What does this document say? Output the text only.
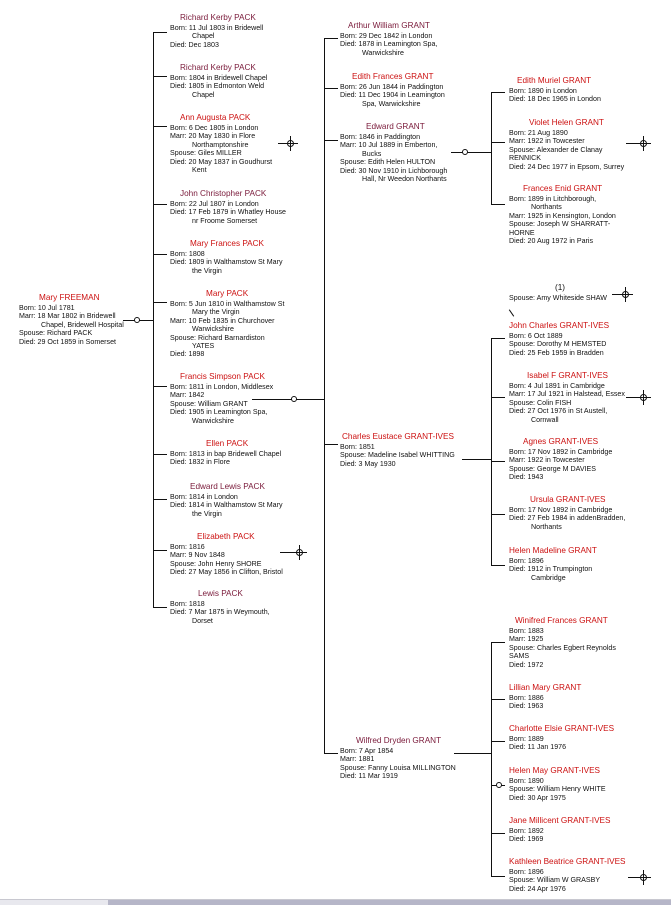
Mary FREEMAN
Born: 10 Jul 1781
Marr: 18 Mar 1802 in Bridewell
Chapel, Bridewell Hospital
Spouse: Richard PACK
Died: 29 Oct 1859 in Somerset
Richard Kerby PACK
Born: 11 Jul 1803 in Bridewell
Chapel
Died: Dec 1803
Richard Kerby PACK
Born: 1804 in Bridewell Chapel
Died: 1805 in Edmonton Weld
Chapel
Ann Augusta PACK
Born: 6 Dec 1805 in London
Marr: 20 May 1830 in Flore
Northamptonshire
Spouse: Giles MILLER
Died: 20 May 1837 in Goudhurst
Kent
John Christopher PACK
Born: 22 Jul 1807 in London
Died: 17 Feb 1879 in Whatley House
nr Froome Somerset
Mary Frances PACK
Born: 1808
Died: 1809 in Walthamstow St Mary
the Virgin
Mary PACK
Born: 5 Jun 1810 in Walthamstow St
Mary the Virgin
Marr: 10 Feb 1835 in Churchover
Warwickshire
Spouse: Richard Barnardiston
YATES
Died: 1898
Francis Simpson PACK
Born: 1811 in London, Middlesex
Marr: 1842
Spouse: William GRANT
Died: 1905 in Leamington Spa,
Warwickshire
Ellen PACK
Born: 1813 in bap Bridewell Chapel
Died: 1832 in Flore
Edward Lewis PACK
Born: 1814 in London
Died: 1814 in Walthamstow St Mary
the Virgin
Elizabeth PACK
Born: 1816
Marr: 9 Nov 1848
Spouse: John Henry SHORE
Died: 27 May 1856 in Clifton, Bristol
Lewis PACK
Born: 1818
Died: 7 Mar 1875 in Weymouth,
Dorset
Arthur William GRANT
Born: 29 Dec 1842 in London
Died: 1878 in Leamington Spa,
Warwickshire
Edith Frances GRANT
Born: 26 Jun 1844 in Paddington
Died: 11 Dec 1904 in Leamington
Spa, Warwickshire
Edward GRANT
Born: 1846 in Paddington
Marr: 10 Jul 1889 in Emberton,
Bucks
Spouse: Edith Helen HULTON
Died: 30 Nov 1910 in Lichborough
Hall, Nr Weedon Northants
Charles Eustace GRANT-IVES
Born: 1851
Spouse: Madeline Isabel WHITTING
Died: 3 May 1930
Wilfred Dryden GRANT
Born: 7 Apr 1854
Marr: 1881
Spouse: Fanny Louisa MILLINGTON
Died: 11 Mar 1919
Edith Muriel GRANT
Born: 1890 in London
Died: 18 Dec 1965 in London
Violet Helen GRANT
Born: 21 Aug 1890
Marr: 1922 in Towcester
Spouse: Alexander de Clanay
RENNICK
Died: 24 Dec 1977 in Epsom, Surrey
Frances Enid GRANT
Born: 1899 in Litchborough,
Northants
Marr: 1925 in Kensington, London
Spouse: Joseph W SHARRATT-
HORNE
Died: 20 Aug 1972 in Paris
(1)
Spouse: Amy Whiteside SHAW
John Charles GRANT-IVES
Born: 6 Oct 1889
Spouse: Dorothy M HEMSTED
Died: 25 Feb 1959 in Bradden
Isabel F GRANT-IVES
Born: 4 Jul 1891 in Cambridge
Marr: 17 Jul 1921 in Halstead, Essex
Spouse: Colin FISH
Died: 27 Oct 1976 in St Austell,
Cornwall
Agnes GRANT-IVES
Born: 17 Nov 1892 in Cambridge
Marr: 1922 in Towcester
Spouse: George M DAVIES
Died: 1943
Ursula GRANT-IVES
Born: 17 Nov 1892 in Cambridge
Died: 27 Feb 1984 in addenBradden,
Northants
Helen Madeline GRANT
Born: 1896
Died: 1912 in Trumpington
Cambridge
Winifred Frances GRANT
Born: 1883
Marr: 1925
Spouse: Charles Egbert Reynolds
SAMS
Died: 1972
Lillian Mary GRANT
Born: 1886
Died: 1963
Charlotte Elsie GRANT-IVES
Born: 1889
Died: 11 Jan 1976
Helen May GRANT-IVES
Born: 1890
Spouse: William Henry WHITE
Died: 30 Apr 1975
Jane Millicent GRANT-IVES
Born: 1892
Died: 1969
Kathleen Beatrice GRANT-IVES
Born: 1896
Spouse: William W GRASBY
Died: 24 Apr 1976
